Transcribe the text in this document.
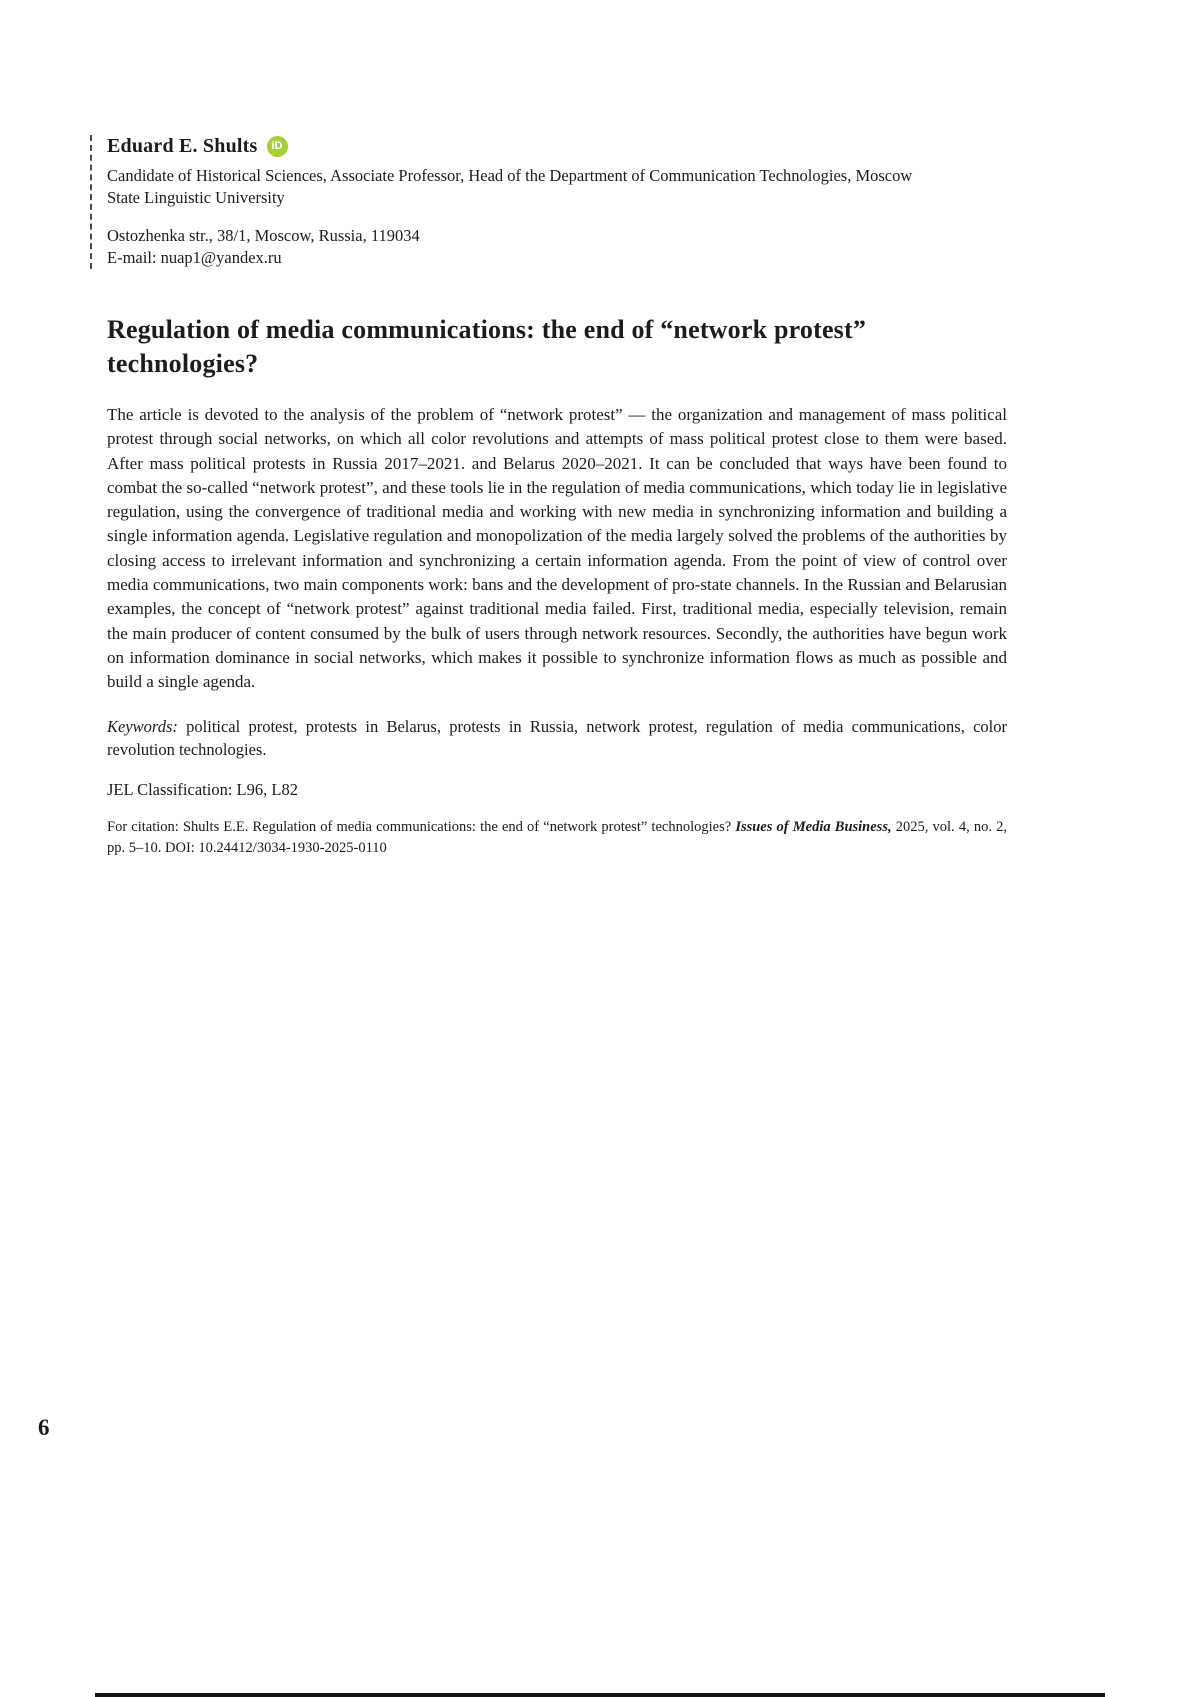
Eduard E. Shults	iD
Candidate of Historical Sciences, Associate Professor, Head of the Department of Communication Technologies, Moscow State Linguistic University
Ostozhenka str., 38/1, Moscow, Russia, 119034
E-mail: nuap1@yandex.ru
Regulation of media communications: the end of “network protest” technologies?

The article is devoted to the analysis of the problem of “network protest” — the organization and management of mass political protest through social networks, on which all color revolutions and attempts of mass political protest close to them were based. After mass political protests in Russia 2017–2021. and Belarus 2020–2021. It can be concluded that ways have been found to combat the so-called “network protest”, and these tools lie in the regulation of media communications, which today lie in legislative regulation, using the convergence of traditional media and working with new media in synchronizing information and building a single information agenda. Legislative regulation and monopolization of the media largely solved the problems of the authorities by closing access to irrelevant information and synchronizing a certain information agenda. From the point of view of control over media communications, two main components work: bans and the development of pro-state channels. In the Russian and Belarusian examples, the concept of “network protest” against traditional media failed. First, traditional media, especially television, remain the main producer of content consumed by the bulk of users through network resources. Secondly, the authorities have begun work on information dominance in social networks, which makes it possible to synchronize information flows as much as possible and build a single agenda.

Keywords: political protest, protests in Belarus, protests in Russia, network protest, regulation of media communications, color revolution technologies.

JEL Classification: L96, L82

For citation: Shults E.E. Regulation of media communications: the end of “network protest” technologies? Issues of Media Business, 2025, vol. 4, no. 2, pp. 5–10. DOI: 10.24412/3034-1930-2025-0110

6
